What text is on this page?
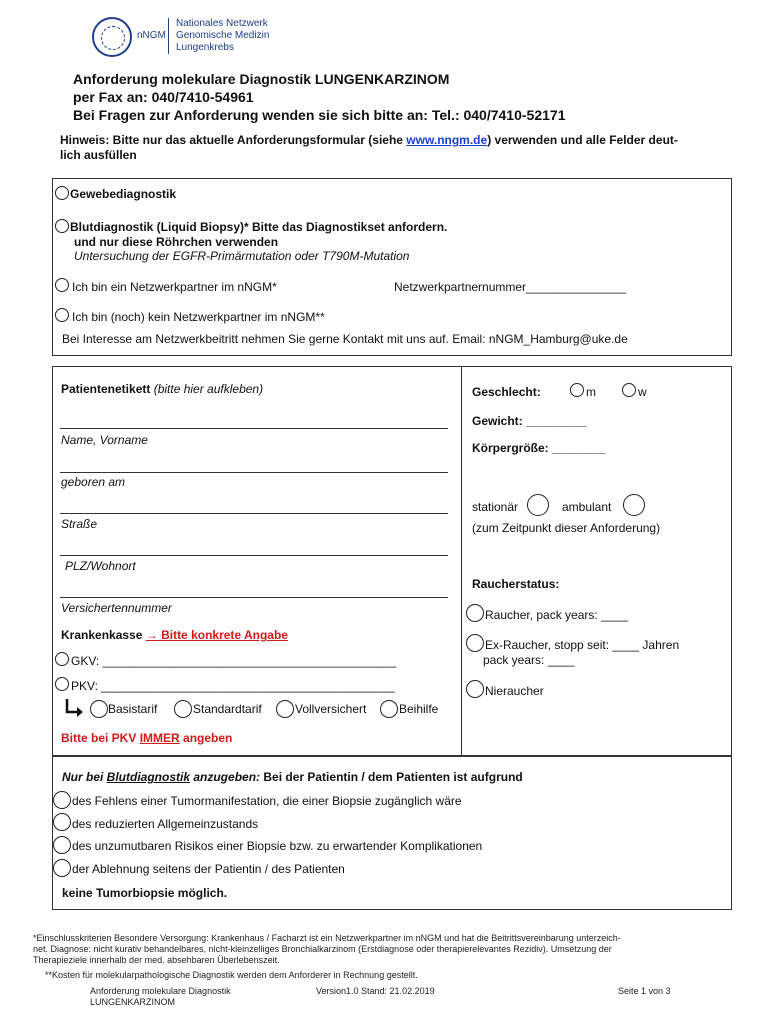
nNGM
Nationales Netzwerk
Genomische Medizin
Lungenkrebs
Anforderung molekulare Diagnostik LUNGENKARZINOM
per Fax an: 040/7410-54961
Bei Fragen zur Anforderung wenden sie sich bitte an: Tel.: 040/7410-52171
Hinweis: Bitte nur das aktuelle Anforderungsformular (siehe www.nngm.de) verwenden und alle Felder deut-
lich ausfüllen
Gewebediagnostik
Blutdiagnostik (Liquid Biopsy)* Bitte das Diagnostikset anfordern.
und nur diese Röhrchen verwenden
Untersuchung der EGFR-Primärmutation oder T790M-Mutation
Ich bin ein Netzwerkpartner im nNGM*	Netzwerkpartnernummer_______________
Ich bin (noch) kein Netzwerkpartner im nNGM**
Bei Interesse am Netzwerkbeitritt nehmen Sie gerne Kontakt mit uns auf. Email: nNGM_Hamburg@uke.de
Patientenetikett (bitte hier aufkleben)
Name, Vorname
geboren am
Straße
PLZ/Wohnort
Versichertennummer
Krankenkasse → Bitte konkrete Angabe
GKV: ____________________________________________
PKV: ____________________________________________
Basistarif	Standardtarif	Vollversichert	Beihilfe
Bitte bei PKV IMMER angeben
Geschlecht:	m	w
Gewicht: _________
Körpergröße: ________
stationär	ambulant
(zum Zeitpunkt dieser Anforderung)
Raucherstatus:
Raucher, pack years: ____
Ex-Raucher, stopp seit: ____ Jahren
pack years: ____
Nieraucher
Nur bei Blutdiagnostik anzugeben: Bei der Patientin / dem Patienten ist aufgrund
des Fehlens einer Tumormanifestation, die einer Biopsie zugänglich wäre
des reduzierten Allgemeinzustands
des unzumutbaren Risikos einer Biopsie bzw. zu erwartender Komplikationen
der Ablehnung seitens der Patientin / des Patienten
keine Tumorbiopsie möglich.
*Einschlusskriterien Besondere Versorgung: Krankenhaus / Facharzt ist ein Netzwerkpartner im nNGM und hat die Beitrittsvereinbarung unterzeich-
net. Diagnose: nicht kurativ behandelbares, nicht-kleinzelliges Bronchialkarzinom (Erstdiagnose oder therapierelevantes Rezidiv). Umsetzung der
Therapieziele innerhalb der med. absehbaren Überlebenszeit.
**Kosten für molekularpathologische Diagnostik werden dem Anforderer in Rechnung gestellt.
Anforderung molekulare Diagnostik
LUNGENKARZINOM
Version1.0 Stand: 21.02.2019	Seite 1 von 3
